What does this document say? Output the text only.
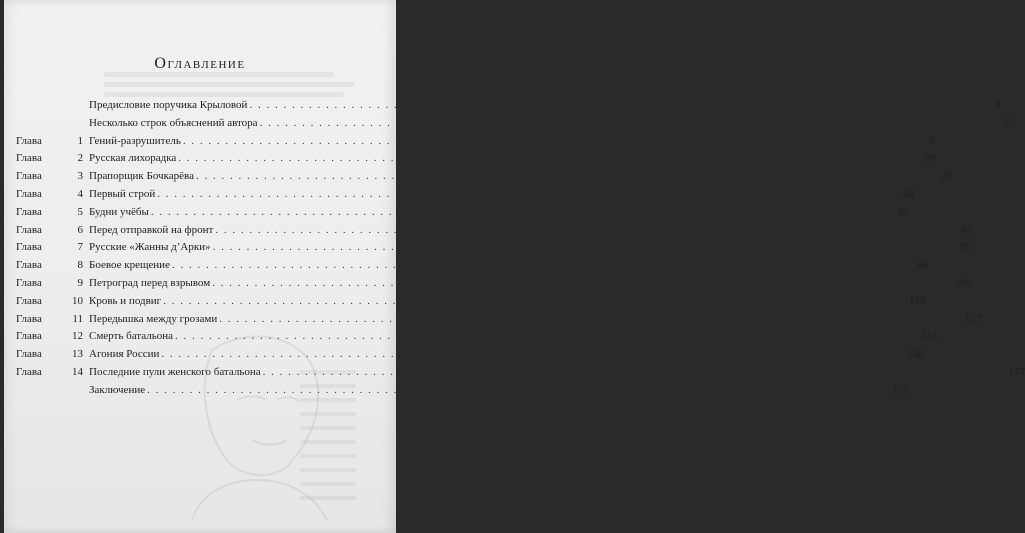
Оглавление
Предисловие поручика Крыловой . . .	4
Несколько строк объяснений автора . . .	7
Глава	1 Гений-разрушитель . . .	9
Глава	2 Русская лихорадка . . .	20
Глава	3 Прапорщик Бочкарёва . . .	29
Глава	4 Первый строй . . .	40
Глава	5 Будни учёбы . . .	49
Глава	6 Перед отправкой на фронт . . .	62
Глава	7 Русские «Жанны д’Арки» . . .	76
Глава	8 Боевое крещение . . .	88
Глава	9 Петроград перед взрывом . . .	99
Глава	10 Кровь и подвиг . . .	114
Глава	11 Передышка между грозами . . .	127
Глава	12 Смерть батальона . . .	134
Глава	13 Агония России . . .	140
Глава	14 Последние пули женского батальона . . .	147
Заключение . . .	155
